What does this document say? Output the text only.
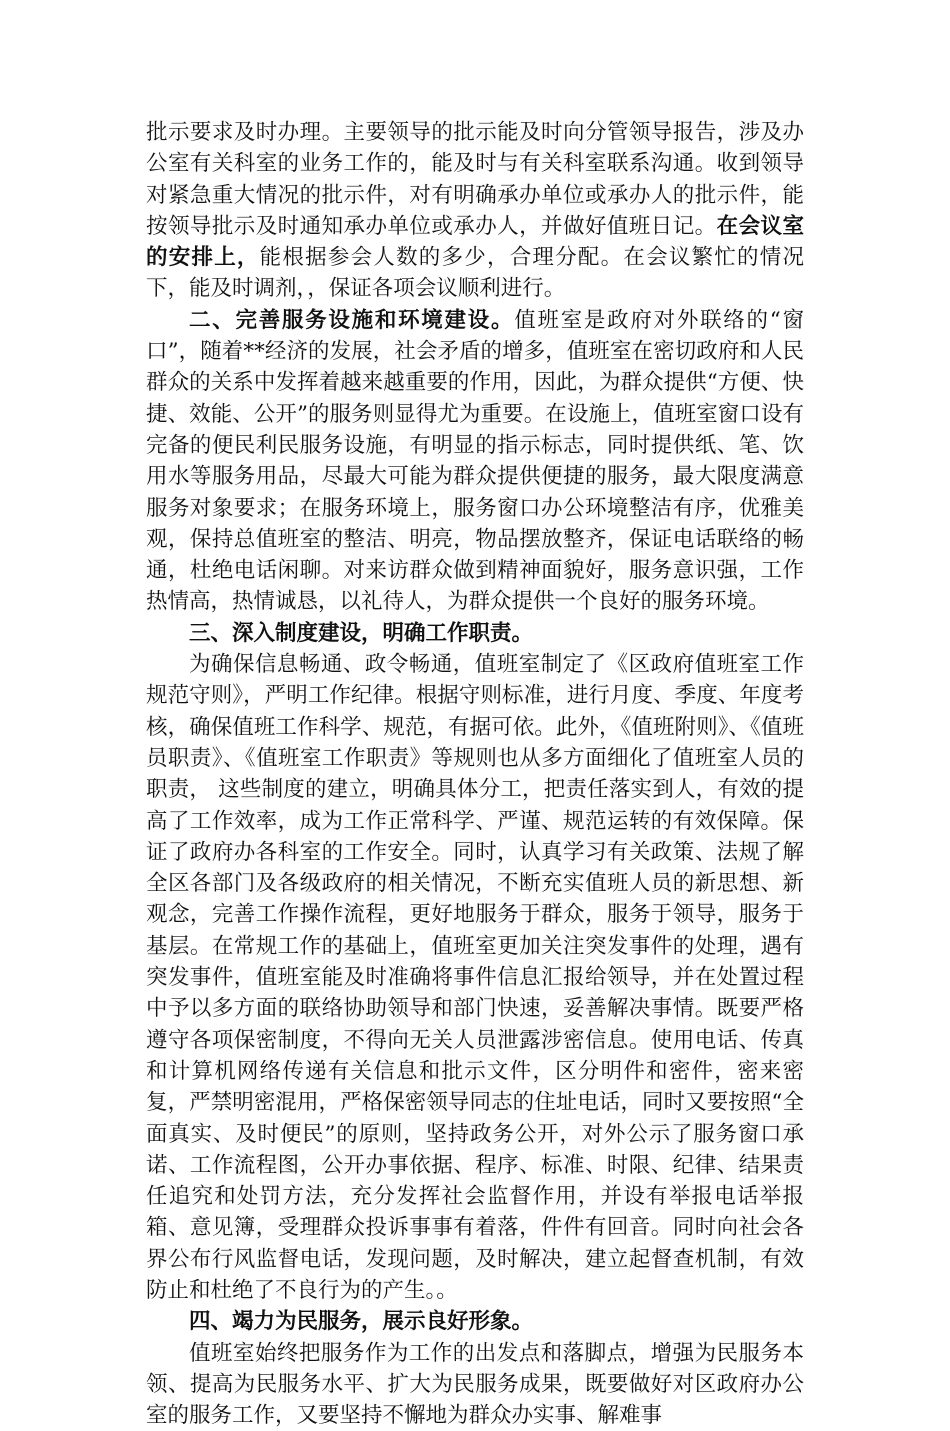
批示要求及时办理。主要领导的批示能及时向分管领导报告，涉及办公室有关科室的业务工作的，能及时与有关科室联系沟通。收到领导对紧急重大情况的批示件，对有明确承办单位或承办人的批示件，能按领导批示及时通知承办单位或承办人，并做好值班日记。在会议室的安排上，能根据参会人数的多少，合理分配。在会议繁忙的情况下，能及时调剂，，保证各项会议顺利进行。

二、完善服务设施和环境建设。值班室是政府对外联络的“窗口”，随着**经济的发展，社会矛盾的增多，值班室在密切政府和人民群众的关系中发挥着越来越重要的作用，因此，为群众提供“方便、快捷、效能、公开”的服务则显得尤为重要。在设施上，值班室窗口设有完备的便民利民服务设施，有明显的指示标志，同时提供纸、笔、饮用水等服务用品，尽最大可能为群众提供便捷的服务，最大限度满意服务对象要求；在服务环境上，服务窗口办公环境整洁有序，优雅美观，保持总值班室的整洁、明亮，物品摆放整齐，保证电话联络的畅通，杜绝电话闲聊。对来访群众做到精神面貌好，服务意识强，工作热情高，热情诚恳，以礼待人，为群众提供一个良好的服务环境。

三、深入制度建设，明确工作职责。

为确保信息畅通、政令畅通，值班室制定了《区政府值班室工作规范守则》，严明工作纪律。根据守则标准，进行月度、季度、年度考核，确保值班工作科学、规范，有据可依。此外，《值班附则》、《值班员职责》、《值班室工作职责》等规则也从多方面细化了值班室人员的职责， 这些制度的建立，明确具体分工，把责任落实到人，有效的提高了工作效率，成为工作正常科学、严谨、规范运转的有效保障。保证了政府办各科室的工作安全。同时，认真学习有关政策、法规了解全区各部门及各级政府的相关情况，不断充实值班人员的新思想、新观念，完善工作操作流程，更好地服务于群众，服务于领导，服务于基层。在常规工作的基础上，值班室更加关注突发事件的处理，遇有突发事件，值班室能及时准确将事件信息汇报给领导，并在处置过程中予以多方面的联络协助领导和部门快速，妥善解决事情。既要严格遵守各项保密制度，不得向无关人员泄露涉密信息。使用电话、传真和计算机网络传递有关信息和批示文件，区分明件和密件，密来密复，严禁明密混用，严格保密领导同志的住址电话，同时又要按照“全面真实、及时便民”的原则，坚持政务公开，对外公示了服务窗口承诺、工作流程图，公开办事依据、程序、标准、时限、纪律、结果责任追究和处罚方法，充分发挥社会监督作用，并设有举报电话举报箱、意见簿，受理群众投诉事事有着落，件件有回音。同时向社会各界公布行风监督电话，发现问题，及时解决，建立起督查机制，有效防止和杜绝了不良行为的产生。。

四、竭力为民服务，展示良好形象。

值班室始终把服务作为工作的出发点和落脚点，增强为民服务本领、提高为民服务水平、扩大为民服务成果，既要做好对区政府办公室的服务工作，又要坚持不懈地为群众办实事、解难事
